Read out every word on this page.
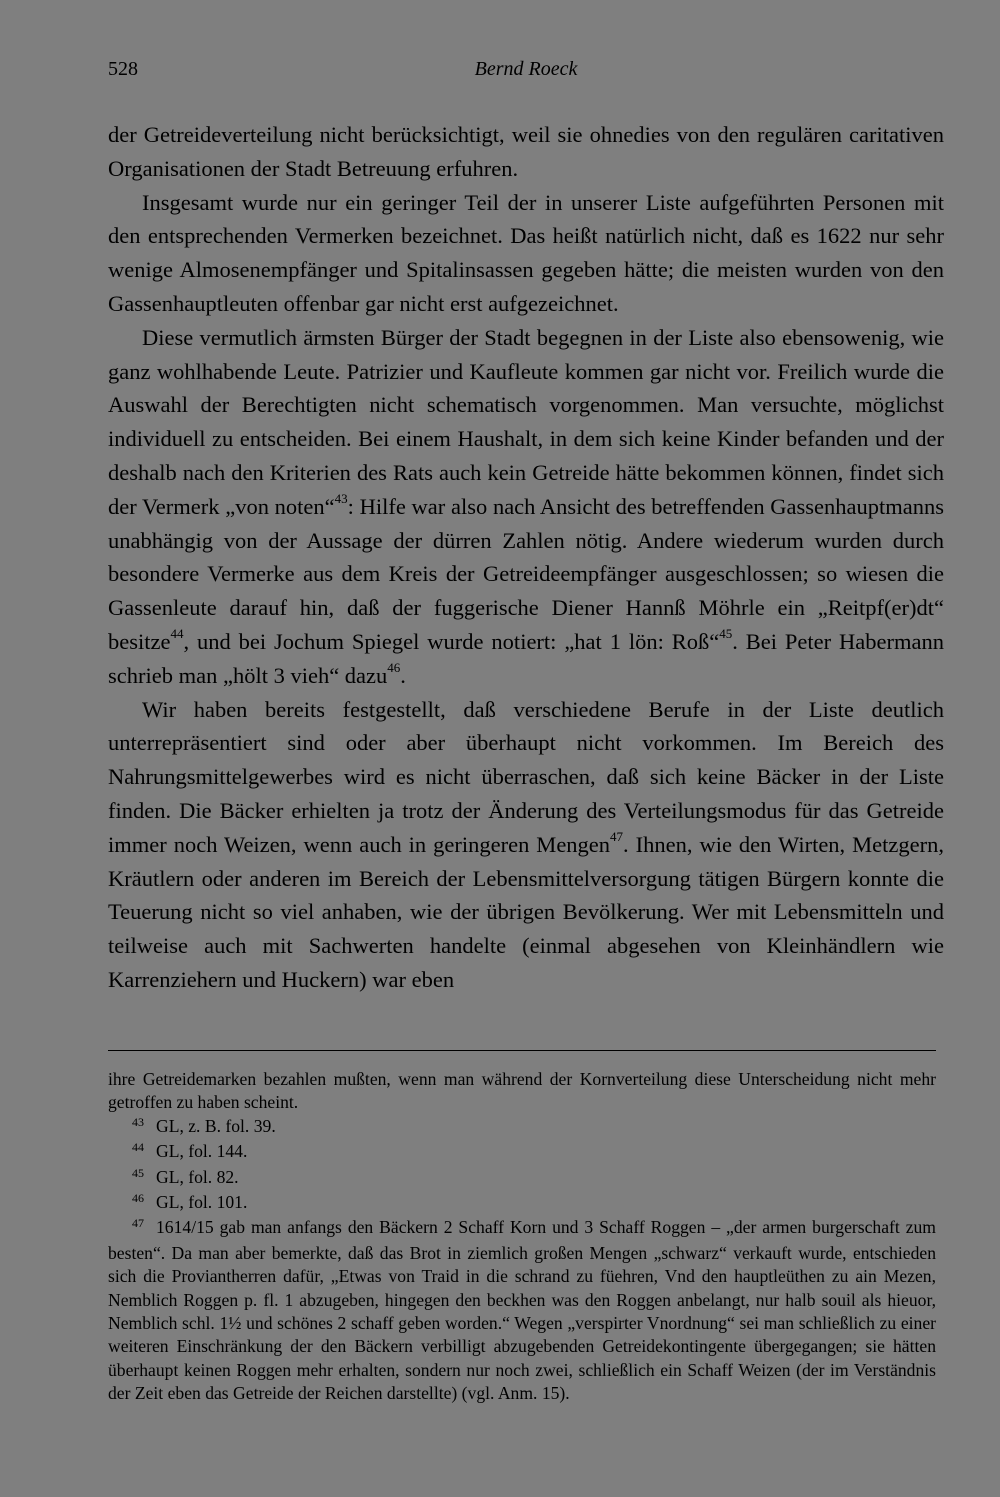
528	Bernd Roeck

der Getreideverteilung nicht berücksichtigt, weil sie ohnedies von den regulären caritativen Organisationen der Stadt Betreuung erfuhren.

Insgesamt wurde nur ein geringer Teil der in unserer Liste aufgeführten Personen mit den entsprechenden Vermerken bezeichnet. Das heißt natürlich nicht, daß es 1622 nur sehr wenige Almosenempfänger und Spitalinsassen gegeben hätte; die meisten wurden von den Gassenhauptleuten offenbar gar nicht erst aufgezeichnet.

Diese vermutlich ärmsten Bürger der Stadt begegnen in der Liste also ebensowenig, wie ganz wohlhabende Leute. Patrizier und Kaufleute kommen gar nicht vor. Freilich wurde die Auswahl der Berechtigten nicht schematisch vorgenommen. Man versuchte, möglichst individuell zu entscheiden. Bei einem Haushalt, in dem sich keine Kinder befanden und der deshalb nach den Kriterien des Rats auch kein Getreide hätte bekommen können, findet sich der Vermerk „von noten“$^{43}$: Hilfe war also nach Ansicht des betreffenden Gassenhauptmanns unabhängig von der Aussage der dürren Zahlen nötig. Andere wiederum wurden durch besondere Vermerke aus dem Kreis der Getreideempfänger ausgeschlossen; so wiesen die Gassenleute darauf hin, daß der fuggerische Diener Hannß Möhrle ein „Reitpf(er)dt“ besitze$^{44}$, und bei Jochum Spiegel wurde notiert: „hat 1 lön: Roß“$^{45}$. Bei Peter Habermann schrieb man „hölt 3 vieh“ dazu$^{46}$.

Wir haben bereits festgestellt, daß verschiedene Berufe in der Liste deutlich unterrepräsentiert sind oder aber überhaupt nicht vorkommen. Im Bereich des Nahrungsmittelgewerbes wird es nicht überraschen, daß sich keine Bäcker in der Liste finden. Die Bäcker erhielten ja trotz der Änderung des Verteilungsmodus für das Getreide immer noch Weizen, wenn auch in geringeren Mengen$^{47}$. Ihnen, wie den Wirten, Metzgern, Kräutlern oder anderen im Bereich der Lebensmittelversorgung tätigen Bürgern konnte die Teuerung nicht so viel anhaben, wie der übrigen Bevölkerung. Wer mit Lebensmitteln und teilweise auch mit Sachwerten handelte (einmal abgesehen von Kleinhändlern wie Karrenziehern und Huckern) war eben

ihre Getreidemarken bezahlen mußten, wenn man während der Kornverteilung diese Unterscheidung nicht mehr getroffen zu haben scheint.

43 GL, z. B. fol. 39.

44 GL, fol. 144.

45 GL, fol. 82.

46 GL, fol. 101.

47 1614/15 gab man anfangs den Bäckern 2 Schaff Korn und 3 Schaff Roggen – „der armen burgerschaft zum besten“. Da man aber bemerkte, daß das Brot in ziemlich großen Mengen „schwarz“ verkauft wurde, entschieden sich die Proviantherren dafür, „Etwas von Traid in die schrand zu füehren, Vnd den hauptleüthen zu ain Mezen, Nemblich Roggen p. fl. 1 abzugeben, hingegen den beckhen was den Roggen anbelangt, nur halb souil als hieuor, Nemblich schl. 1½ und schönes 2 schaff geben worden.“ Wegen „verspirter Vnordnung“ sei man schließlich zu einer weiteren Einschränkung der den Bäckern verbilligt abzugebenden Getreidekontingente übergegangen; sie hätten überhaupt keinen Roggen mehr erhalten, sondern nur noch zwei, schließlich ein Schaff Weizen (der im Verständnis der Zeit eben das Getreide der Reichen darstellte) (vgl. Anm. 15).
